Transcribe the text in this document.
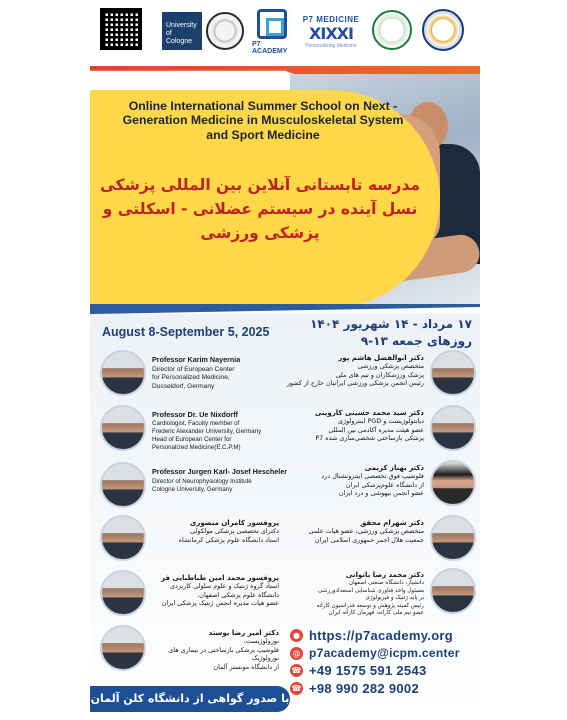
University of Cologne	P7 ACADEMY
P7 MEDICINE
XIXXI
Personalizing Medicine
Online International Summer School on Next - Generation Medicine in Musculoskeletal System and Sport Medicine
مدرسه تابستانی آنلاین بین المللی پزشکی نسل آینده در سیستم عضلانی - اسکلتی و پزشکی ورزشی
August 8-September 5, 2025
۱۷ مرداد - ۱۴ شهریور ۱۴۰۴
روزهای جمعه ۱۳-۹
Professor Karim Nayernia
Director of European Center
for Personalized Medicine,
Dusseldorf, Germany
Professor Dr. Ue Nixdorff
Cardiologist, Faculty member of
Frederic Alexander University, Germany
Head of European Center for
Personalized Medicine(E.C.P.M)
Professor Jurgen Karl- Josef Hescheler
Director of Neurophysiology Institute
Cologne University, Germany
پروفسور کامران منصوری
دکترای تخصصی پزشکی مولکولی
استاد دانشگاه علوم پزشکی کرمانشاه
پروفسور محمد امین طباطبایی فر
استاد گروه ژنتیک و علوم سلولی کاربردی
دانشگاه علوم پزشکی اصفهان،
عضو هیات مدیره انجمن ژنتیک پزشکی ایران
دکتر امیر رضا بوستد
نورولوژیست،
فلوشیپ پزشکی بازساختی در بیماری های نورولوژیک
از دانشگاه مونستر آلمان
دکتر ابوالفضل هاشم پور
متخصص پزشکی ورزشی
پزشک ورزشکاران و تیم های ملی
رئیس انجمن پزشکی ورزشی ایرانیان خارج از کشور
دکتر سید محمد حسینی کاروینی
دیابتولوژیست و PGD اینترولوژی
عضو هیئت مدیره آکادمی بین المللی
پزشکی بازساختی شخصی‌سازی شده P7
دکتر بهناز کریمی
فلوشیپ فوق تخصصی اینترونشنال درد
از دانشگاه علوم‌پزشکی ایران
عضو انجمن بیهوشی و درد ایران
دکتر شهرام محقق
متخصص پزشکی ورزشی، عضو هیات علمی
جمعیت هلال احمر جمهوری اسلامی ایران
دکتر محمد رضا باتوانی
دانشیار، دانشگاه صنعتی اصفهان
مسئول واحد فناوری شناسایی استعدادورزشی
بر پایه ژنتیک و فیزیولوژی
رئیس کمیته پژوهش و توسعه فدراسیون کاراته
عضو تیم ملی کاراته، قهرمان کاراته ایران
● https://p7academy.org
@ p7academy@icpm.center
☎ +49 1575 591 2543
☎ +98 990 282 9002
با صدور گواهی از دانشگاه کلن آلمان
